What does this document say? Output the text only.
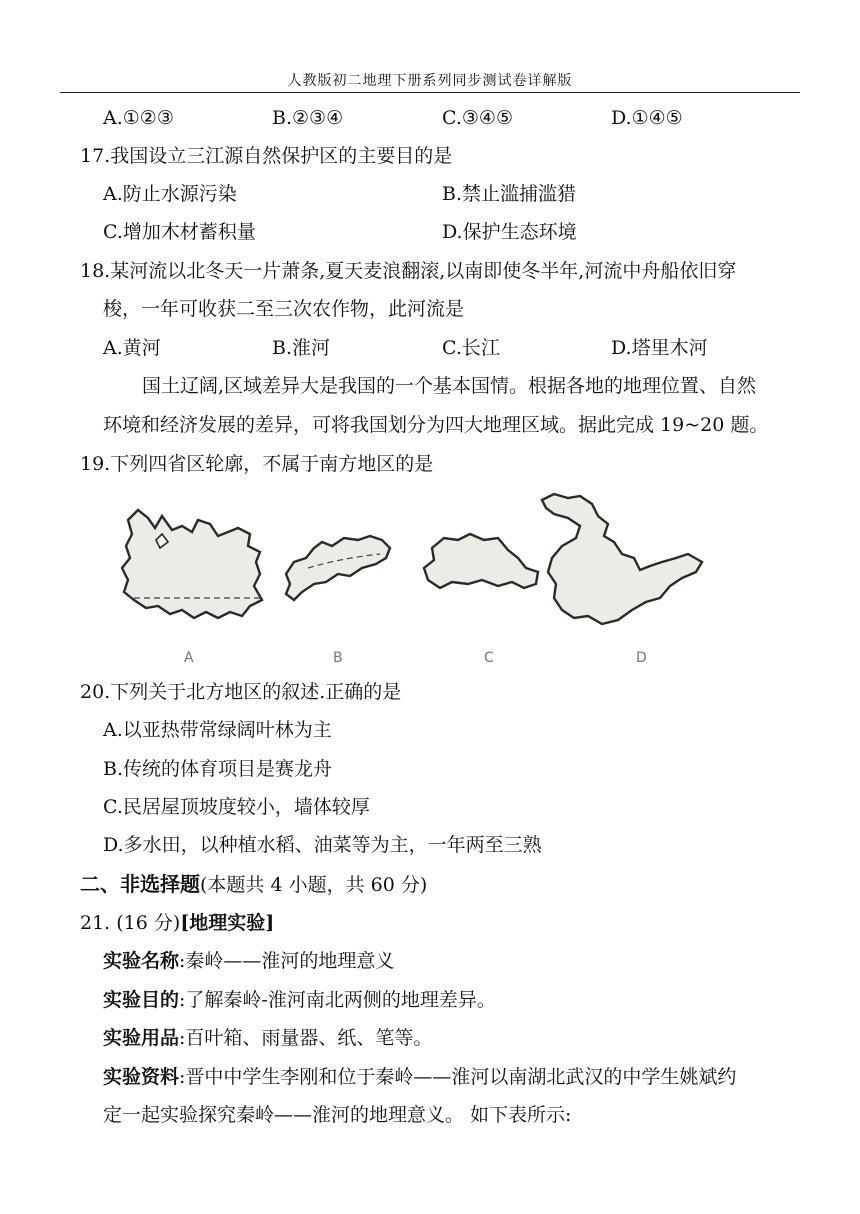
人教版初二地理下册系列同步测试卷详解版
A.①②③	B.②③④	C.③④⑤	D.①④⑤
17.我国设立三江源自然保护区的主要目的是
A.防止水源污染	B.禁止滥捕滥猎
C.增加木材蓄积量	D.保护生态环境
18.某河流以北冬天一片萧条,夏天麦浪翻滚,以南即使冬半年,河流中舟船依旧穿
梭，一年可收获二至三次农作物，此河流是
A.黄河	B.淮河	C.长江	D.塔里木河
国土辽阔,区域差异大是我国的一个基本国情。根据各地的地理位置、自然
环境和经济发展的差异，可将我国划分为四大地理区域。据此完成 19~20 题。
19.下列四省区轮廓，不属于南方地区的是
A	B	C	D
20.下列关于北方地区的叙述.正确的是
A.以亚热带常绿阔叶林为主
B.传统的体育项目是赛龙舟
C.民居屋顶坡度较小，墙体较厚
D.多水田，以种植水稻、油菜等为主，一年两至三熟
二、非选择题(本题共 4 小题，共 60 分)
21. (16 分)[地理实验]
实验名称:秦岭——淮河的地理意义
实验目的:了解秦岭-淮河南北两侧的地理差异。
实验用品:百叶箱、雨量器、纸、笔等。
实验资料:晋中中学生李刚和位于秦岭——淮河以南湖北武汉的中学生姚斌约
定一起实验探究秦岭——淮河的地理意义。 如下表所示:
